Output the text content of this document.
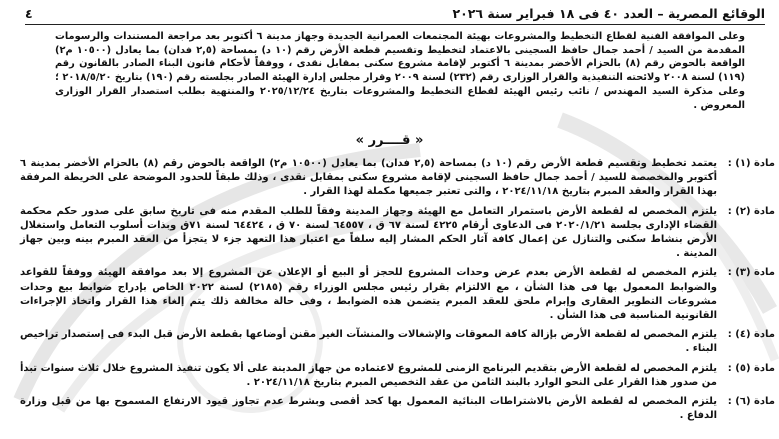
الوقائع المصرية – العدد ٤٠ فى ١٨ فبراير سنة ٢٠٢٦
٤

وعلى الموافقة الفنية لقطاع التخطيط والمشروعات بهيئة المجتمعات العمرانية الجديدة وجهاز مدينة ٦ أكتوبر بعد مراجعة المستندات والرسومات المقدمة من السيد / أحمد جمال حافظ السجينى بالاعتماد لتخطيط وتقسيم قطعة الأرض رقم (١٠ د) بمساحة (٢,٥ فدان) بما يعادل (١٠٥٠٠ م٢) الواقعة بالحوض رقم (٨) بالحزام الأخضر بمدينة ٦ أكتوبر لإقامة مشروع سكنى بمقابل نقدى ، ووفقاً لأحكام قانون البناء الصادر بالقانون رقم (١١٩) لسنة ٢٠٠٨ ولائحته التنفيذية والقرار الوزارى رقم (٢٣٢) لسنة ٢٠٠٩ وقرار مجلس إدارة الهيئة الصادر بجلسته رقم (١٩٠) بتاريخ ٢٠١٨/٥/٢٠ ؛

وعلى مذكرة السيد المهندس / نائب رئيس الهيئة لقطاع التخطيط والمشروعات بتاريخ ٢٠٢٥/١٢/٢٤ والمنتهية بطلب استصدار القرار الوزارى المعروض .

« قــــرر »
مادة (١) :
يعتمد تخطيط وتقسيم قطعة الأرض رقم (١٠ د) بمساحة (٢,٥ فدان) بما يعادل (١٠٥٠٠ م٢) الواقعة بالحوض رقم (٨) بالحزام الأخضر بمدينة ٦ أكتوبر والمخصصة للسيد / أحمد جمال حافظ السجينى لإقامة مشروع سكنى بمقابل نقدى ، وذلك طبقاً للحدود الموضحة على الخريطة المرفقة بهذا القرار والعقد المبرم بتاريخ ٢٠٢٤/١١/١٨ ، والتى تعتبر جميعها مكملة لهذا القرار .
مادة (٢) :
يلتزم المخصص له لقطعة الأرض باستمرار التعامل مع الهيئة وجهاز المدينة وفقاً للطلب المقدم منه فى تاريخ سابق على صدور حكم محكمة القضاء الإدارى بجلسة ٢٠٢٠/١/٢١ فى الدعاوى أرقام ٤٢٢٥ لسنة ٦٧ ق ، ٦٤٥٥٧ لسنة ٧٠ ق ، ٦٤٤٢٤ لسنة ٧١ق وبذات أسلوب التعامل واستغلال الأرض بنشاط سكنى والتنازل عن إعمال كافة آثار الحكم المشار إليه سلفاً مع اعتبار هذا التعهد جزء لا يتجزأ من العقد المبرم بينه وبين جهاز المدينة .
مادة (٣) :
يلتزم المخصص له لقطعة الأرض بعدم عرض وحدات المشروع للحجز أو البيع أو الإعلان عن المشروع إلا بعد موافقة الهيئة ووفقاً للقواعد والضوابط المعمول بها فى هذا الشأن ، مع الالتزام بقرار رئيس مجلس الوزراء رقم (٢١٨٥) لسنة ٢٠٢٢ الخاص بإدراج ضوابط بيع وحدات مشروعات التطوير العقارى وإبرام ملحق للعقد المبرم يتضمن هذه الضوابط ، وفى حالة مخالفة ذلك يتم إلغاء هذا القرار واتخاذ الإجراءات القانونية المناسبة فى هذا الشأن .
مادة (٤) :
يلتزم المخصص له لقطعة الأرض بإزالة كافة المعوقات والإشغالات والمنشآت الغير مقنن أوضاعها بقطعة الأرض قبل البدء فى إستصدار تراخيص البناء .
مادة (٥) :
يلتزم المخصص له لقطعة الأرض بتقديم البرنامج الزمنى للمشروع لاعتماده من جهاز المدينة على ألا يكون تنفيذ المشروع خلال ثلاث سنوات تبدأ من صدور هذا القرار على النحو الوارد بالبند الثامن من عقد التخصيص المبرم بتاريخ ٢٠٢٤/١١/١٨ .
مادة (٦) :
يلتزم المخصص له لقطعة الأرض بالاشتراطات البنائية المعمول بها كحد أقصى وبشرط عدم تجاوز قيود الارتفاع المسموح بها من قبل وزارة الدفاع .
